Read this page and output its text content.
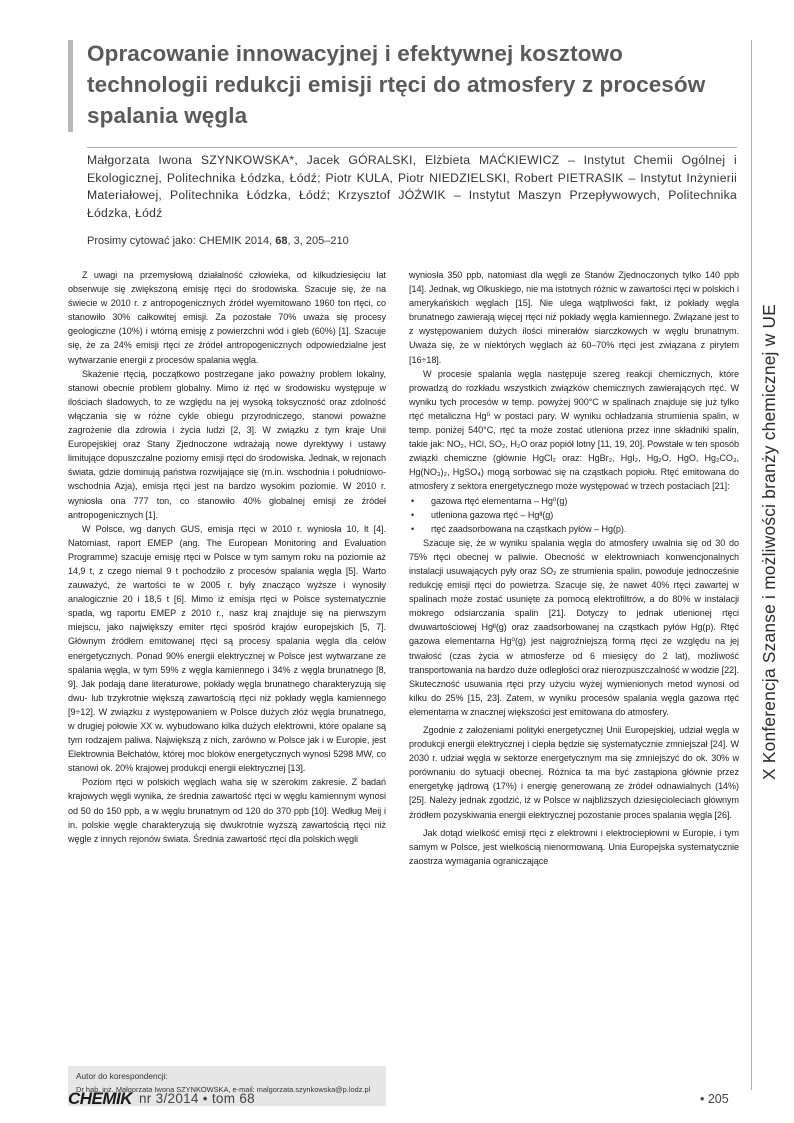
Opracowanie innowacyjnej i efektywnej kosztowo technologii redukcji emisji rtęci do atmosfery z procesów spalania węgla
Małgorzata Iwona SZYNKOWSKA*, Jacek GÓRALSKI, Elżbieta MAĆKIEWICZ – Instytut Chemii Ogólnej i Ekologicznej, Politechnika Łódzka, Łódź; Piotr KULA, Piotr NIEDZIELSKI, Robert PIETRASIK – Instytut Inżynierii Materiałowej, Politechnika Łódzka, Łódź; Krzysztof JÓŹWIK – Instytut Maszyn Przepływowych, Politechnika Łódzka, Łódź
Prosimy cytować jako: CHEMIK 2014, 68, 3, 205–210

Z uwagi na przemysłową działalność człowieka, od kilkudziesięciu lat obserwuje się zwiększoną emisję rtęci do środowiska. Szacuje się, że na świecie w 2010 r. z antropogenicznych źródeł wyemitowano 1960 ton rtęci, co stanowiło 30% całkowitej emisji. Za pozostałe 70% uważa się procesy geologiczne (10%) i wtórną emisję z powierzchni wód i gleb (60%) [1]. Szacuje się, że za 24% emisji rtęci ze źródeł antropogenicznych odpowiedzialne jest wytwarzanie energii z procesów spalania węgla.

Skażenie rtęcią, początkowo postrzegane jako poważny problem lokalny, stanowi obecnie problem globalny. Mimo iż rtęć w środowisku występuje w ilościach śladowych, to ze względu na jej wysoką toksyczność oraz zdolność włączania się w różne cykle obiegu przyrodniczego, stanowi poważne zagrożenie dla zdrowia i życia ludzi [2, 3]. W związku z tym kraje Unii Europejskiej oraz Stany Zjednoczone wdrażają nowe dyrektywy i ustawy limitujące dopuszczalne poziomy emisji rtęci do środowiska. Jednak, w rejonach świata, gdzie dominują państwa rozwijające się (m.in. wschodnia i południowo-wschodnia Azja), emisja rtęci jest na bardzo wysokim poziomie. W 2010 r. wyniosła ona 777 ton, co stanowiło 40% globalnej emisji ze źródeł antropogenicznych [1].

W Polsce, wg danych GUS, emisja rtęci w 2010 r. wyniosła 10, lt [4]. Natomiast, raport EMEP (ang. The European Monitoring and Evaluation Programme) szacuje emisję rtęci w Polsce w tym samym roku na poziomie aż 14,9 t, z czego niemal 9 t pochodziło z procesów spalania węgla [5]. Warto zauważyć, że wartości te w 2005 r. były znacząco wyższe i wynosiły analogicznie 20 i 18,5 t [6]. Mimo iż emisja rtęci w Polsce systematycznie spada, wg raportu EMEP z 2010 r., nasz kraj znajduje się na pierwszym miejscu, jako największy emiter rtęci spośród krajów europejskich [5, 7]. Głównym źródłem emitowanej rtęci są procesy spalania węgla dla celów energetycznych. Ponad 90% energii elektrycznej w Polsce jest wytwarzane ze spalania węgla, w tym 59% z węgla kamiennego i 34% z węgla brunatnego [8, 9]. Jak podają dane literaturowe, pokłady węgla brunatnego charakteryzują się dwu- lub trzykrotnie większą zawartością rtęci niż pokłady węgla kamiennego [9÷12]. W związku z występowaniem w Polsce dużych złóż węgla brunatnego, w drugiej połowie XX w. wybudowano kilka dużych elektrowni, które opalane są tym rodzajem paliwa. Największą z nich, zarówno w Polsce jak i w Europie, jest Elektrownia Bełchatów, której moc bloków energetycznych wynosi 5298 MW, co stanowi ok. 20% krajowej produkcji energii elektrycznej [13].

Poziom rtęci w polskich węglach waha się w szerokim zakresie. Z badań krajowych węgli wynika, że średnia zawartość rtęci w węglu kamiennym wynosi od 50 do 150 ppb, a w węglu brunatnym od 120 do 370 ppb [10]. Według Meij i in. polskie węgle charakteryzują się dwukrotnie wyższą zawartością rtęci niż węgle z innych rejonów świata. Średnia zawartość rtęci dla polskich węgli

wyniosła 350 ppb, natomiast dla węgli ze Stanów Zjednoczonych tylko 140 ppb [14]. Jednak, wg Olkuskiego, nie ma istotnych różnic w zawartości rtęci w polskich i amerykańskich węglach [15]. Nie ulega wątpliwości fakt, iż pokłady węgla brunatnego zawierają więcej rtęci niż pokłady węgla kamiennego. Związane jest to z występowaniem dużych ilości minerałów siarczkowych w węglu brunatnym. Uważa się, że w niektórych węglach aż 60–70% rtęci jest związana z pirytem [16÷18].

W procesie spalania węgla następuje szereg reakcji chemicznych, które prowadzą do rozkładu wszystkich związków chemicznych zawierających rtęć. W wyniku tych procesów w temp. powyżej 900°C w spalinach znajduje się już tylko rtęć metaliczna Hg⁰ w postaci pary. W wyniku ochładzania strumienia spalin, w temp. poniżej 540°C, rtęć ta może zostać utleniona przez inne składniki spalin, takie jak: NO₂, HCl, SO₂, H₂O oraz popiół lotny [11, 19, 20]. Powstałe w ten sposób związki chemiczne (głównie HgCl₂ oraz: HgBr₂, HgI₂, Hg₂O, HgO, Hg₂CO₃, Hg(NO₃)₂, HgSO₄) mogą sorbować się na cząstkach popiołu. Rtęć emitowana do atmosfery z sektora energetycznego może występować w trzech postaciach [21]:

• gazowa rtęć elementarna – Hg⁰(g)
• utleniona gazowa rtęć – Hgᴵᴵ(g)
• rtęć zaadsorbowana na cząstkach pyłów – Hg(p).

Szacuje się, że w wyniku spalania węgla do atmosfery uwalnia się od 30 do 75% rtęci obecnej w paliwie. Obecność w elektrowniach konwencjonalnych instalacji usuwających pyły oraz SO₂ ze strumienia spalin, powoduje jednocześnie redukcję emisji rtęci do powietrza. Szacuje się, że nawet 40% rtęci zawartej w spalinach może zostać usunięte za pomocą elektrofiltrów, a do 80% w instalacji mokrego odsiarczania spalin [21]. Dotyczy to jednak utlenionej rtęci dwuwartościowej Hgᴵᴵ(g) oraz zaadsorbowanej na cząstkach pyłów Hg(p). Rtęć gazowa elementarna Hg⁰(g) jest najgroźniejszą formą rtęci ze względu na jej trwałość (czas życia w atmosferze od 6 miesięcy do 2 lat), możliwość transportowania na bardzo duże odległości oraz nierozpuszczalność w wodzie [22]. Skuteczność usuwania rtęci przy użyciu wyżej wymienionych metod wynosi od kilku do 25% [15, 23]. Zatem, w wyniku procesów spalania węgla gazowa rtęć elementarna w znacznej większości jest emitowana do atmosfery.

Zgodnie z założeniami polityki energetycznej Unii Europejskiej, udział węgla w produkcji energii elektrycznej i ciepła będzie się systematycznie zmniejszał [24]. W 2030 r. udział węgla w sektorze energetycznym ma się zmniejszyć do ok. 30% w porównaniu do sytuacji obecnej. Różnica ta ma być zastąpiona głównie przez energetykę jądrową (17%) i energię generowaną ze źródeł odnawialnych (14%) [25]. Należy jednak zgodzić, iż w Polsce w najbliższych dziesięcioleciach głównym źródłem pozyskiwania energii elektrycznej pozostanie proces spalania węgla [26].

Jak dotąd wielkość emisji rtęci z elektrowni i elektrociepłowni w Europie, i tym samym w Polsce, jest wielkością nienormowaną. Unia Europejska systematycznie zaostrza wymagania ograniczające

X Konferencja Szanse i możliwości branży chemicznej w UE
Autor do korespondencji:
Dr hab. inż. Małgorzata Iwona SZYNKOWSKA, e-mail: malgorzata.szynkowska@p.lodz.pl
CHEMIK nr 3/2014 • tom 68	• 205
